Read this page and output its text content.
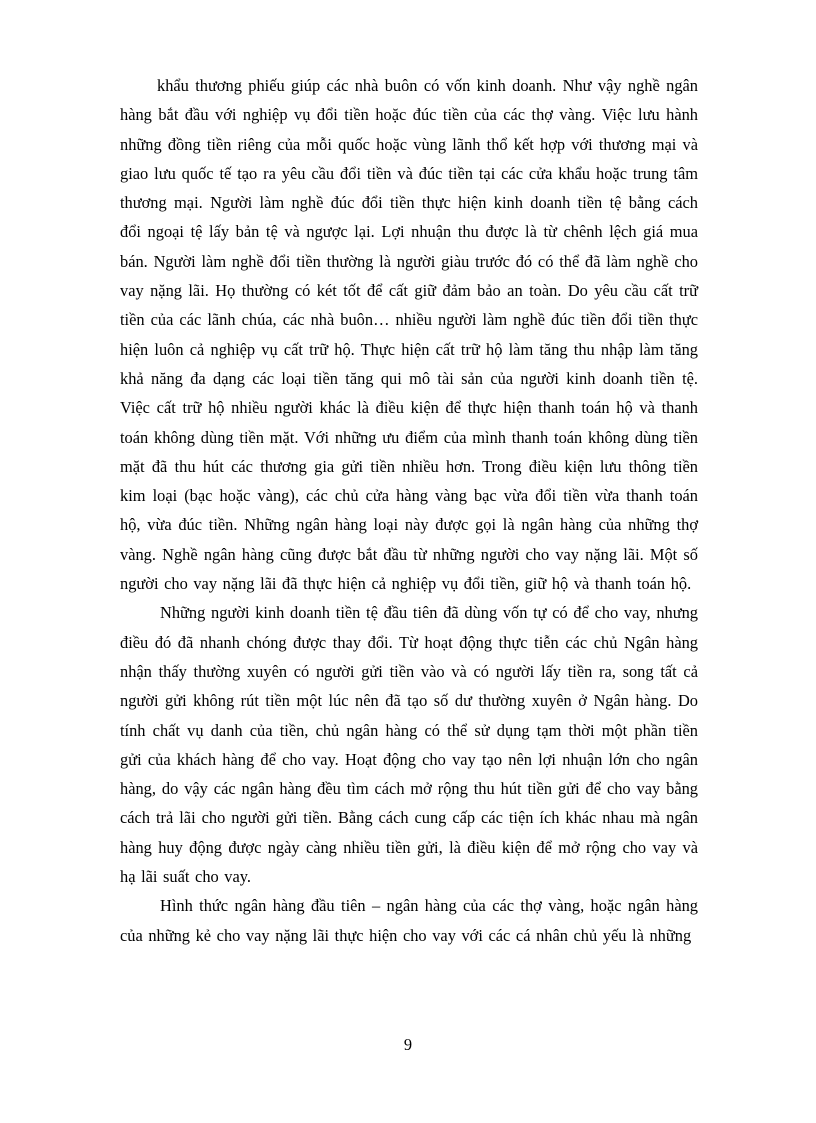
khẩu thương phiếu giúp các nhà buôn có vốn kinh doanh. Như vậy nghề ngân hàng bắt đầu với nghiệp vụ đổi tiền hoặc đúc tiền của các thợ vàng. Việc lưu hành những đồng tiền riêng của mỗi quốc hoặc vùng lãnh thổ kết hợp với thương mại và giao lưu quốc tế tạo ra yêu cầu đổi tiền và đúc tiền tại các cửa khẩu hoặc trung tâm thương mại. Người làm nghề đúc đổi tiền thực hiện kinh doanh tiền tệ bằng cách đổi ngoại tệ lấy bản tệ và ngược lại. Lợi nhuận thu được là từ chênh lệch giá mua bán. Người làm nghề đổi tiền thường là người giàu trước đó có thể đã làm nghề cho vay nặng lãi. Họ thường có két tốt để cất giữ đảm bảo an toàn. Do yêu cầu cất trữ tiền của các lãnh chúa, các nhà buôn… nhiều người làm nghề đúc tiền đổi tiền thực hiện luôn cả nghiệp vụ cất trữ hộ. Thực hiện cất trữ hộ làm tăng thu nhập làm tăng khả năng đa dạng các loại tiền tăng qui mô tài sản của người kinh doanh tiền tệ. Việc cất trữ hộ nhiều người khác là điều kiện để thực hiện thanh toán hộ và thanh toán không dùng tiền mặt. Với những ưu điểm của mình thanh toán không dùng tiền mặt đã thu hút các thương gia gửi tiền nhiều hơn. Trong điều kiện lưu thông tiền kim loại (bạc hoặc vàng), các chủ cửa hàng vàng bạc vừa đổi tiền vừa thanh toán hộ, vừa đúc tiền. Những ngân hàng loại này được gọi là ngân hàng của những thợ vàng. Nghề ngân hàng cũng được bắt đầu từ những người cho vay nặng lãi. Một số người cho vay nặng lãi đã thực hiện cả nghiệp vụ đổi tiền, giữ hộ và thanh toán hộ.

Những người kinh doanh tiền tệ đầu tiên đã dùng vốn tự có để cho vay, nhưng điều đó đã nhanh chóng được thay đổi. Từ hoạt động thực tiễn các chủ Ngân hàng nhận thấy thường xuyên có người gửi tiền vào và có người lấy tiền ra, song tất cả người gửi không rút tiền một lúc nên đã tạo số dư thường xuyên ở Ngân hàng. Do tính chất vụ danh của tiền, chủ ngân hàng có thể sử dụng tạm thời một phần tiền gửi của khách hàng để cho vay. Hoạt động cho vay tạo nên lợi nhuận lớn cho ngân hàng, do vậy các ngân hàng đều tìm cách mở rộng thu hút tiền gửi để cho vay bằng cách trả lãi cho người gửi tiền. Bằng cách cung cấp các tiện ích khác nhau mà ngân hàng huy động được ngày càng nhiều tiền gửi, là điều kiện để mở rộng cho vay và hạ lãi suất cho vay.

Hình thức ngân hàng đầu tiên – ngân hàng của các thợ vàng, hoặc ngân hàng của những kẻ cho vay nặng lãi thực hiện cho vay với các cá nhân chủ yếu là những

9
